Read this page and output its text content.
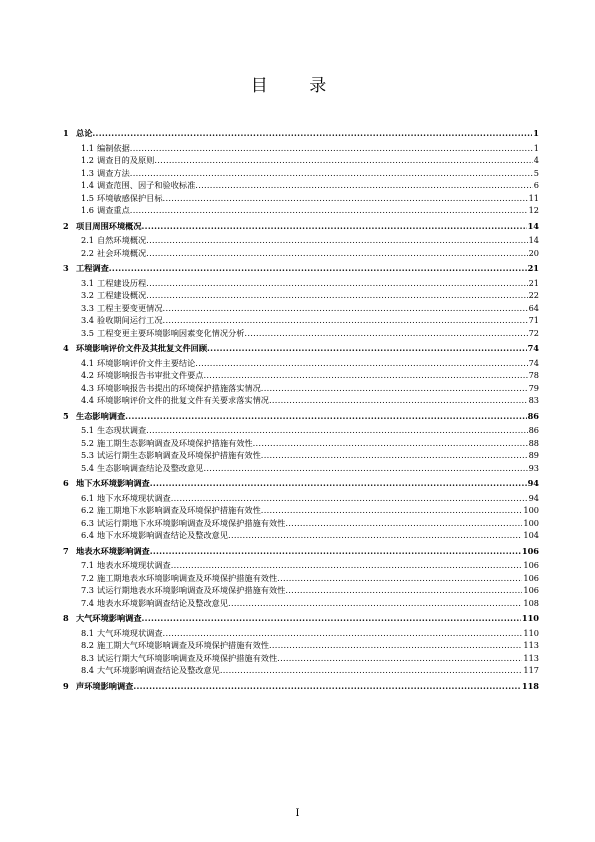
目 录
1 总论 .....	1
1.1 编制依据 .....	1
1.2 调查目的及原则 .....	4
1.3 调查方法 .....	5
1.4 调查范围、因子和验收标准 .....	6
1.5 环境敏感保护目标 .....	11
1.6 调查重点 .....	12
2 项目周围环境概况 .....	14
2.1 自然环境概况 .....	14
2.2 社会环境概况 .....	20
3 工程调查 .....	21
3.1 工程建设历程 .....	21
3.2 工程建设概况 .....	22
3.3 工程主要变更情况 .....	64
3.4 验收期间运行工况 .....	71
3.5 工程变更主要环境影响因素变化情况分析 .....	72
4 环境影响评价文件及其批复文件回顾 .....	74
4.1 环境影响评价文件主要结论 .....	74
4.2 环境影响报告书审批文件要点 .....	78
4.3 环境影响报告书提出的环境保护措施落实情况 .....	79
4.4 环境影响评价文件的批复文件有关要求落实情况 .....	83
5 生态影响调查 .....	86
5.1 生态现状调查 .....	86
5.2 施工期生态影响调查及环境保护措施有效性 .....	88
5.3 试运行期生态影响调查及环境保护措施有效性 .....	89
5.4 生态影响调查结论及整改意见 .....	93
6 地下水环境影响调查 .....	94
6.1 地下水环境现状调查 .....	94
6.2 施工期地下水影响调查及环境保护措施有效性 .....	100
6.3 试运行期地下水环境影响调查及环境保护措施有效性 .....	100
6.4 地下水环境影响调查结论及整改意见 .....	104
7 地表水环境影响调查 .....	106
7.1 地表水环境现状调查 .....	106
7.2 施工期地表水环境影响调查及环境保护措施有效性 .....	106
7.3 试运行期地表水环境影响调查及环境保护措施有效性 .....	106
7.4 地表水环境影响调查结论及整改意见 .....	108
8 大气环境影响调查 .....	110
8.1 大气环境现状调查 .....	110
8.2 施工期大气环境影响调查及环境保护措施有效性 .....	113
8.3 试运行期大气环境影响调查及环境保护措施有效性 .....	113
8.4 大气环境影响调查结论及整改意见 .....	117
9 声环境影响调查 .....	118
I
